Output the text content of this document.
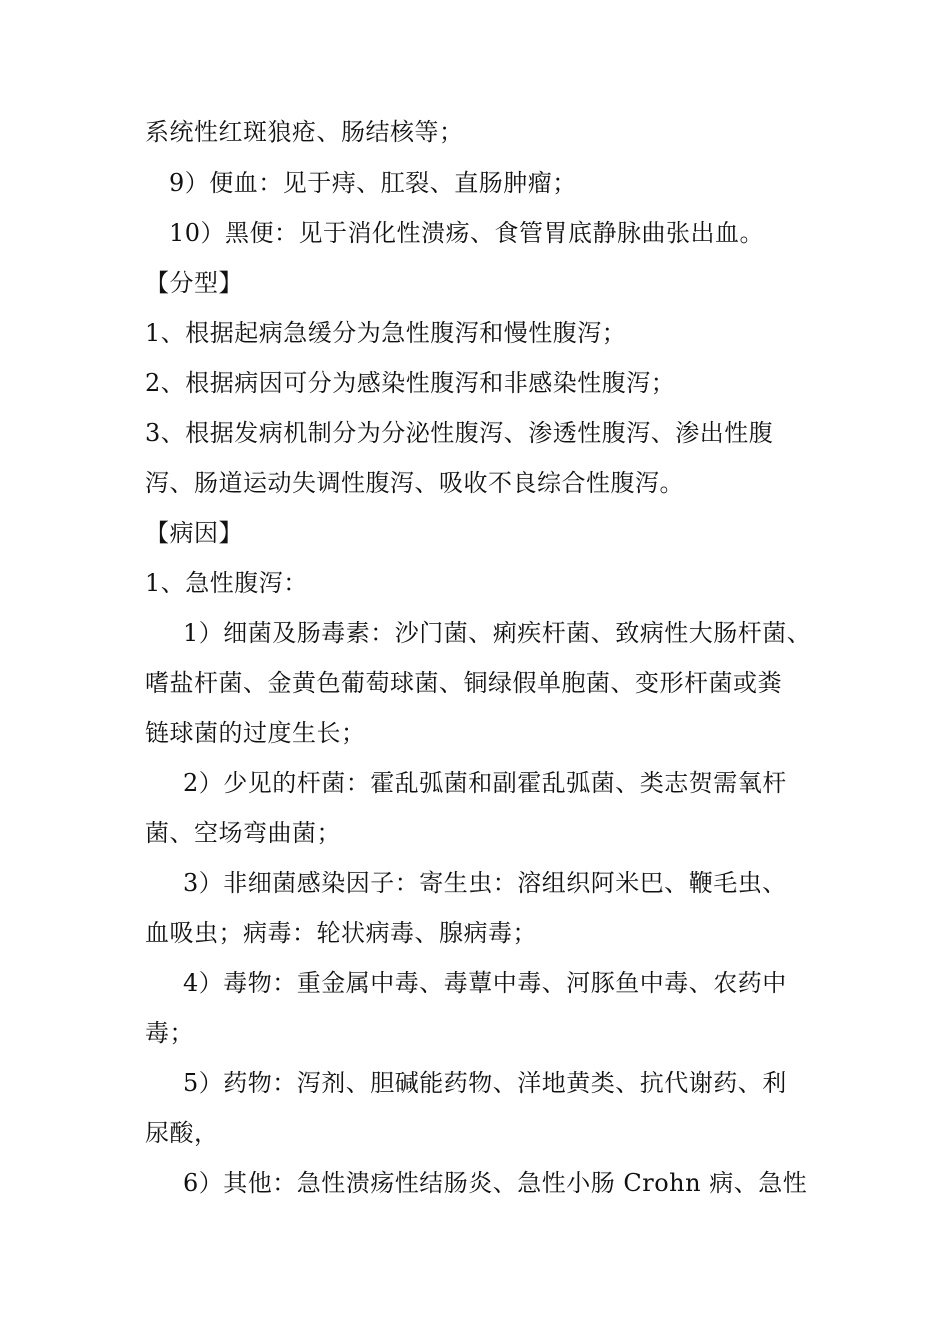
系统性红斑狼疮、肠结核等；
9）便血：见于痔、肛裂、直肠肿瘤；
10）黑便：见于消化性溃疡、食管胃底静脉曲张出血。
【分型】
1、根据起病急缓分为急性腹泻和慢性腹泻；
2、根据病因可分为感染性腹泻和非感染性腹泻；
3、根据发病机制分为分泌性腹泻、渗透性腹泻、渗出性腹
泻、肠道运动失调性腹泻、吸收不良综合性腹泻。
【病因】
1、急性腹泻：
1）细菌及肠毒素：沙门菌、痢疾杆菌、致病性大肠杆菌、
嗜盐杆菌、金黄色葡萄球菌、铜绿假单胞菌、变形杆菌或粪
链球菌的过度生长；
2）少见的杆菌：霍乱弧菌和副霍乱弧菌、类志贺需氧杆
菌、空场弯曲菌；
3）非细菌感染因子：寄生虫：溶组织阿米巴、鞭毛虫、
血吸虫；病毒：轮状病毒、腺病毒；
4）毒物：重金属中毒、毒蕈中毒、河豚鱼中毒、农药中
毒；
5）药物：泻剂、胆碱能药物、洋地黄类、抗代谢药、利
尿酸，
6）其他：急性溃疡性结肠炎、急性小肠 Crohn 病、急性
